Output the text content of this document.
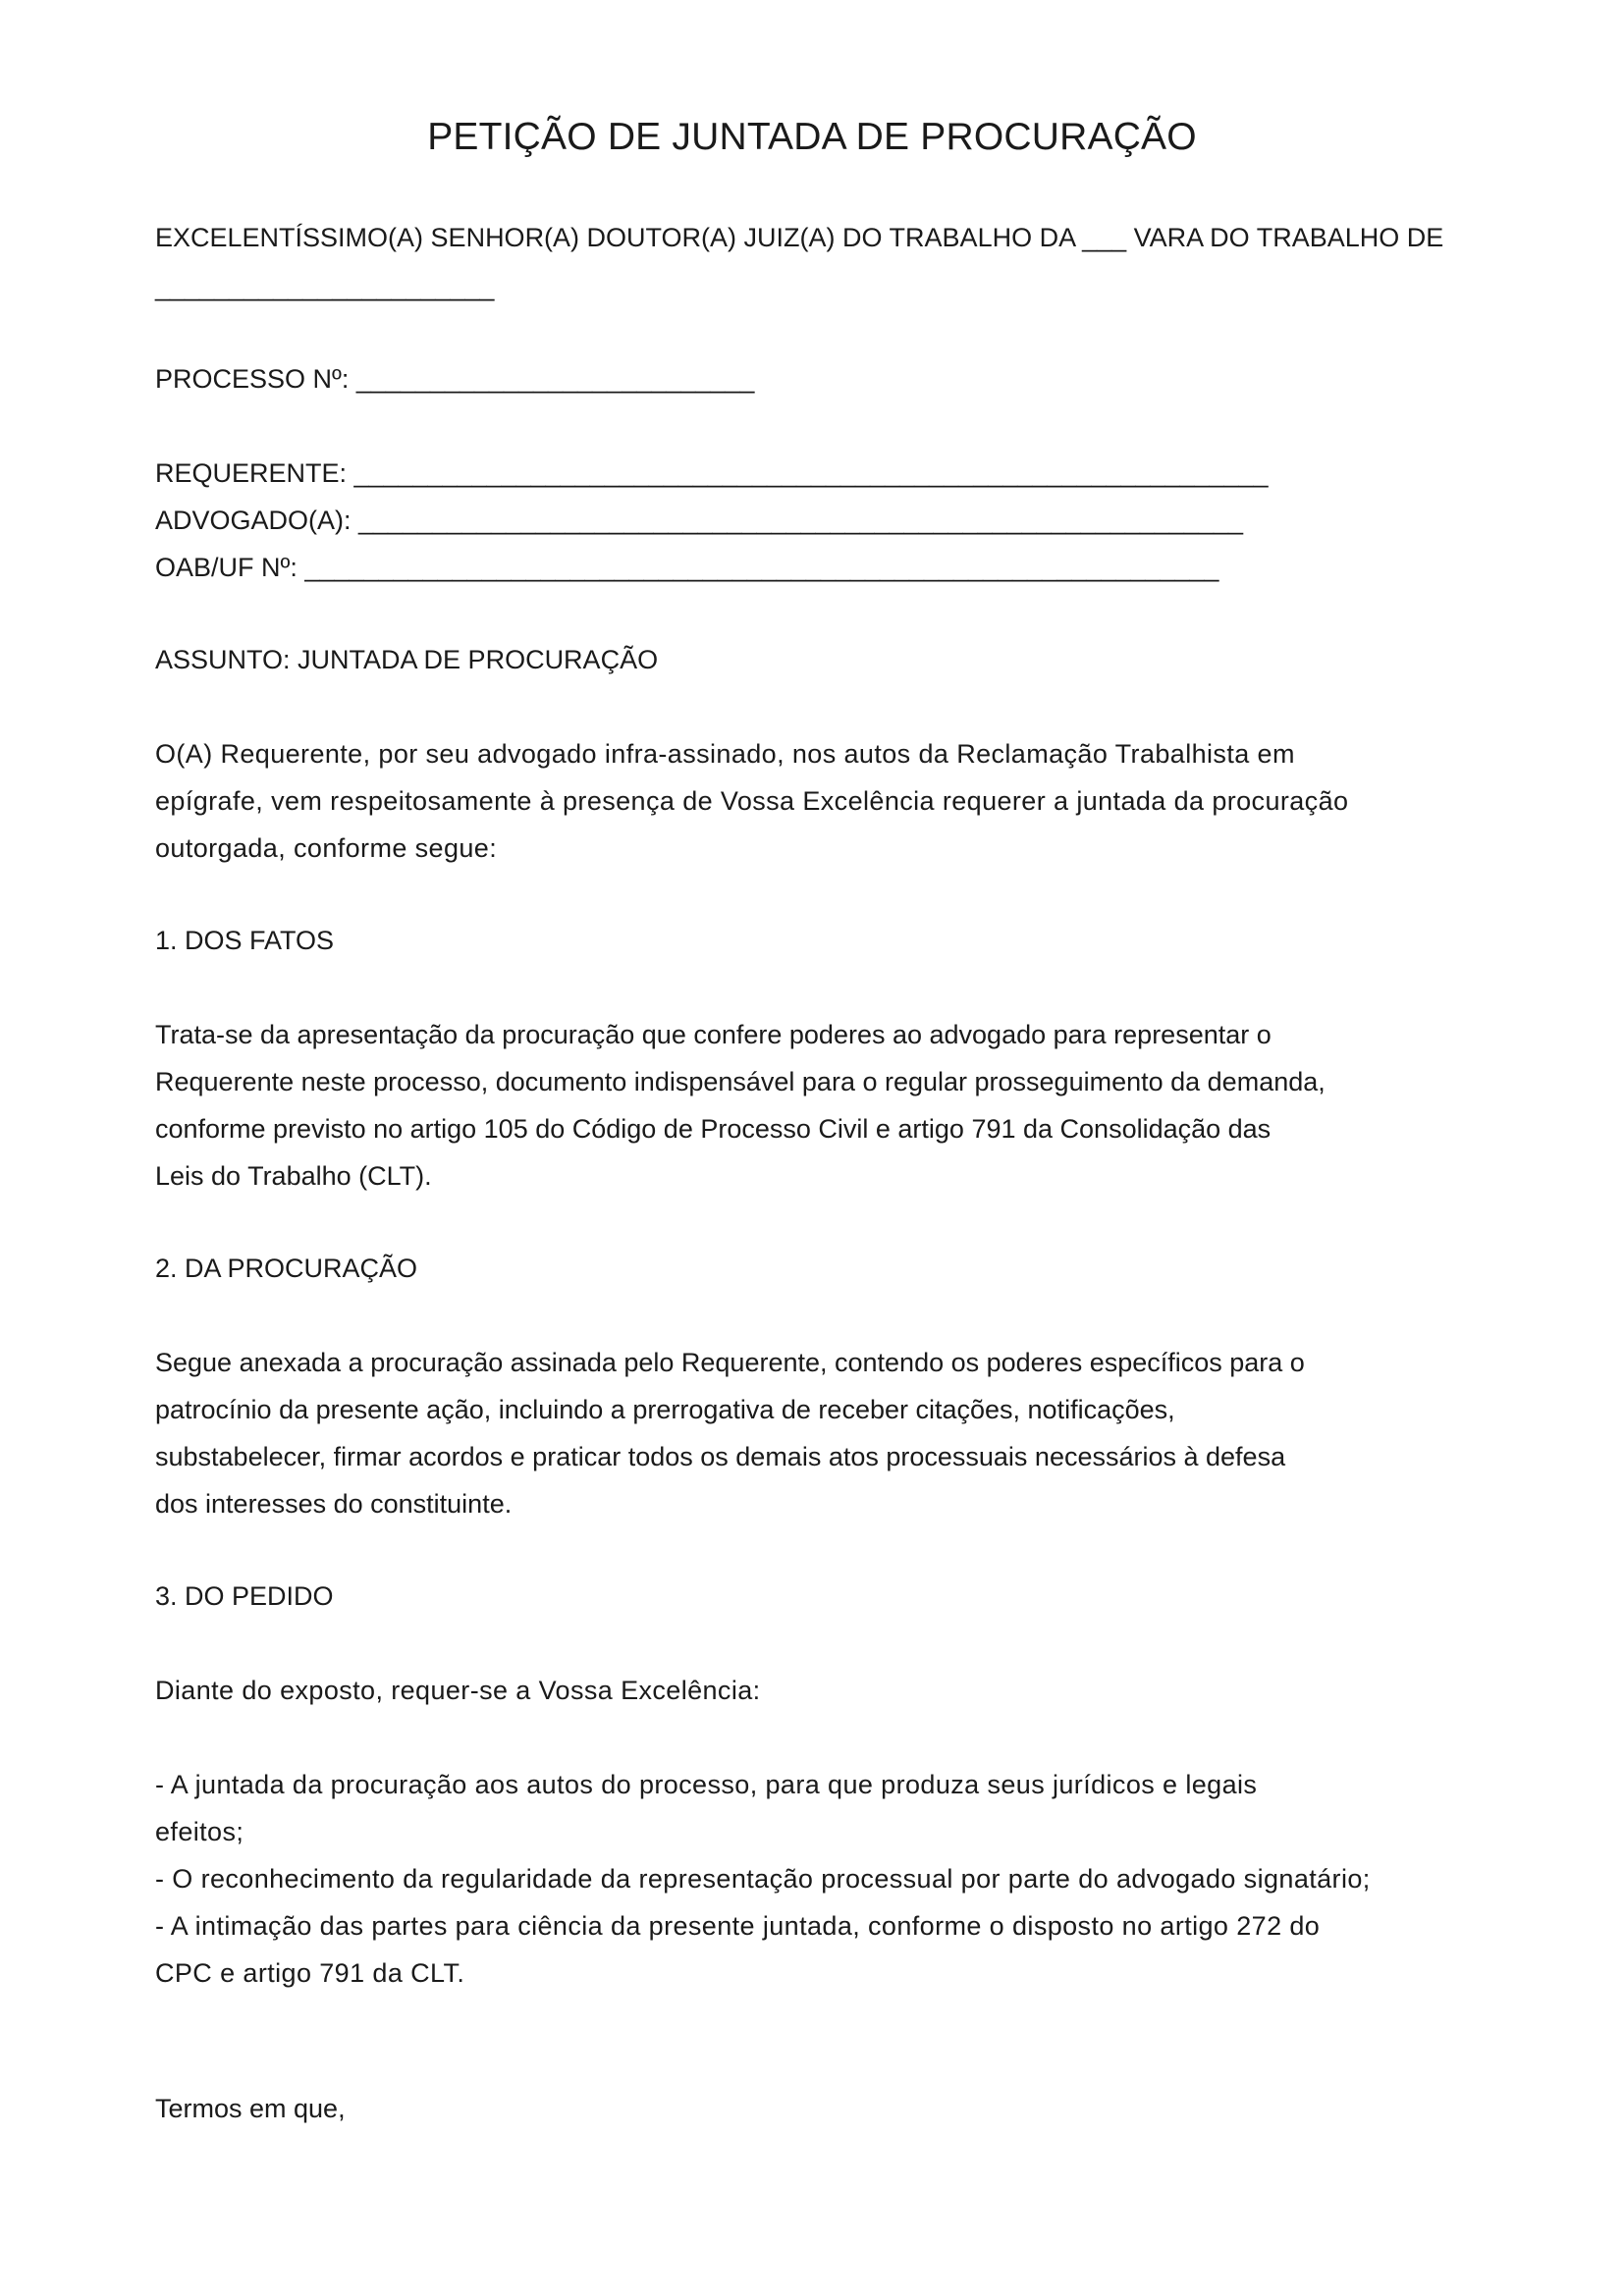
PETIÇÃO DE JUNTADA DE PROCURAÇÃO

EXCELENTÍSSIMO(A) SENHOR(A) DOUTOR(A) JUIZ(A) DO TRABALHO DA ___ VARA DO TRABALHO DE

_______________________

PROCESSO Nº: ___________________________

REQUERENTE: ______________________________________________________________

ADVOGADO(A): ____________________________________________________________

OAB/UF Nº: ______________________________________________________________

ASSUNTO: JUNTADA DE PROCURAÇÃO

O(A) Requerente, por seu advogado infra-assinado, nos autos da Reclamação Trabalhista em
epígrafe, vem respeitosamente à presença de Vossa Excelência requerer a juntada da procuração
outorgada, conforme segue:

1. DOS FATOS

Trata-se da apresentação da procuração que confere poderes ao advogado para representar o
Requerente neste processo, documento indispensável para o regular prosseguimento da demanda,
conforme previsto no artigo 105 do Código de Processo Civil e artigo 791 da Consolidação das
Leis do Trabalho (CLT).

2. DA PROCURAÇÃO

Segue anexada a procuração assinada pelo Requerente, contendo os poderes específicos para o
patrocínio da presente ação, incluindo a prerrogativa de receber citações, notificações,
substabelecer, firmar acordos e praticar todos os demais atos processuais necessários à defesa
dos interesses do constituinte.

3. DO PEDIDO

Diante do exposto, requer-se a Vossa Excelência:

- A juntada da procuração aos autos do processo, para que produza seus jurídicos e legais
efeitos;
- O reconhecimento da regularidade da representação processual por parte do advogado signatário;
- A intimação das partes para ciência da presente juntada, conforme o disposto no artigo 272 do
CPC e artigo 791 da CLT.

Termos em que,
